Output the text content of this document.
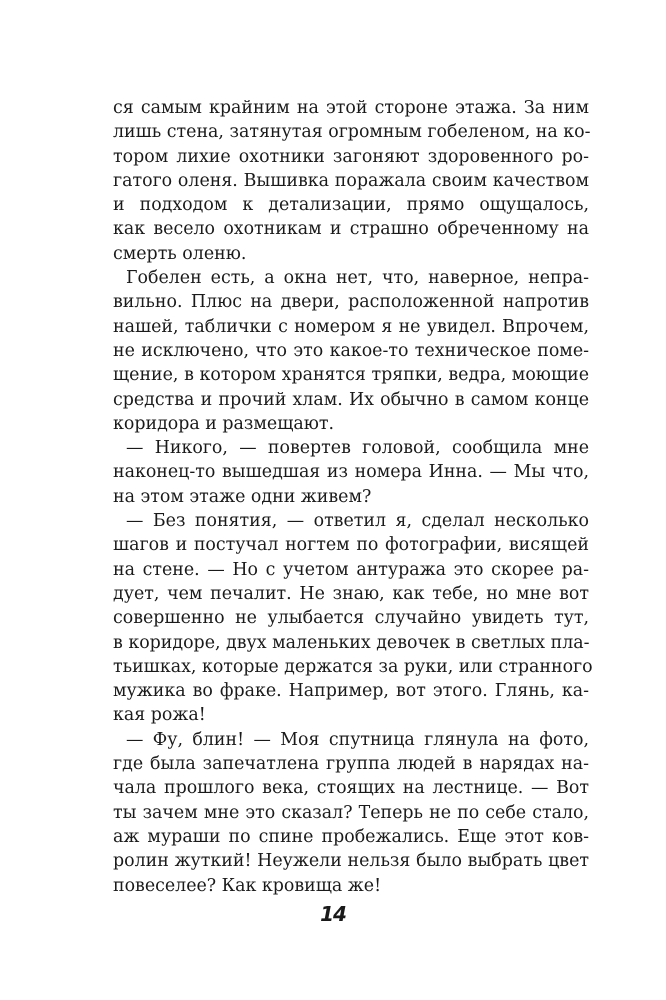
ся самым крайним на этой стороне этажа. За ним
лишь стена, затянутая огромным гобеленом, на ко-
тором лихие охотники загоняют здоровенного ро-
гатого оленя. Вышивка поражала своим качеством
и подходом к детализации, прямо ощущалось,
как весело охотникам и страшно обреченному на
смерть оленю.
Гобелен есть, а окна нет, что, наверное, непра-
вильно. Плюс на двери, расположенной напротив
нашей, таблички с номером я не увидел. Впрочем,
не исключено, что это какое-то техническое поме-
щение, в котором хранятся тряпки, ведра, моющие
средства и прочий хлам. Их обычно в самом конце
коридора и размещают.
— Никого, — повертев головой, сообщила мне
наконец-то вышедшая из номера Инна. — Мы что,
на этом этаже одни живем?
— Без понятия, — ответил я, сделал несколько
шагов и постучал ногтем по фотографии, висящей
на стене. — Но с учетом антуража это скорее ра-
дует, чем печалит. Не знаю, как тебе, но мне вот
совершенно не улыбается случайно увидеть тут,
в коридоре, двух маленьких девочек в светлых пла-
тьишках, которые держатся за руки, или странного
мужика во фраке. Например, вот этого. Глянь, ка-
кая рожа!
— Фу, блин! — Моя спутница глянула на фото,
где была запечатлена группа людей в нарядах на-
чала прошлого века, стоящих на лестнице. — Вот
ты зачем мне это сказал? Теперь не по себе стало,
аж мураши по спине пробежались. Еще этот ков-
ролин жуткий! Неужели нельзя было выбрать цвет
повеселее? Как кровища же!
14
